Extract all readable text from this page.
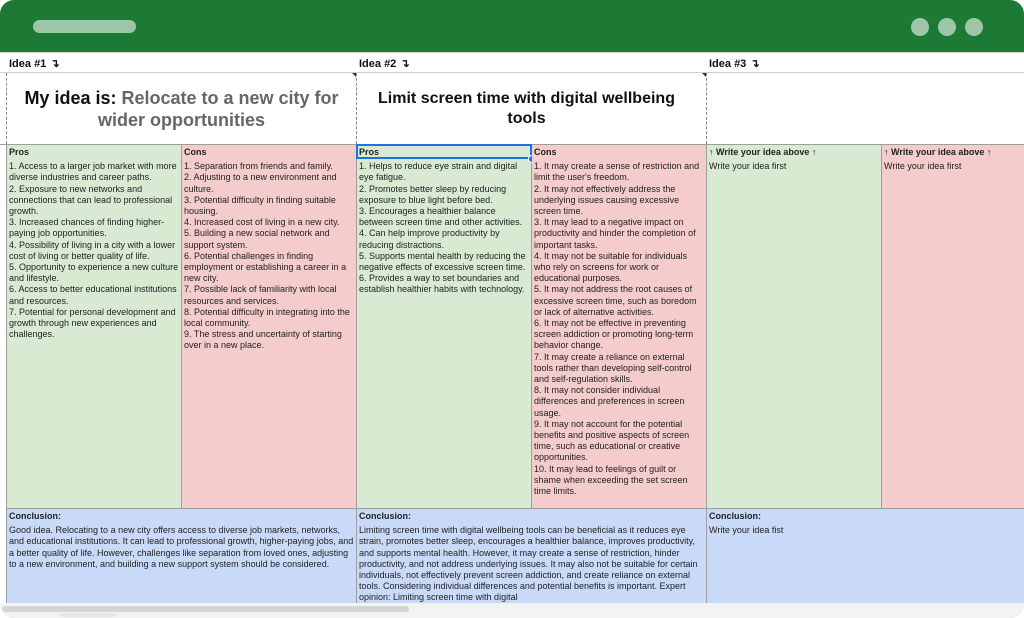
Idea #1 ↴	Idea #2 ↴	Idea #3 ↴
My idea is: Relocate to a new city for wider opportunities
Limit screen time with digital wellbeing tools
Pros
1. Access to a larger job market with more diverse industries and career paths.
2. Exposure to new networks and connections that can lead to professional growth.
3. Increased chances of finding higher-paying job opportunities.
4. Possibility of living in a city with a lower cost of living or better quality of life.
5. Opportunity to experience a new culture and lifestyle.
6. Access to better educational institutions and resources.
7. Potential for personal development and growth through new experiences and challenges.
Cons
1. Separation from friends and family.
2. Adjusting to a new environment and culture.
3. Potential difficulty in finding suitable housing.
4. Increased cost of living in a new city.
5. Building a new social network and support system.
6. Potential challenges in finding employment or establishing a career in a new city.
7. Possible lack of familiarity with local resources and services.
8. Potential difficulty in integrating into the local community.
9. The stress and uncertainty of starting over in a new place.
Pros
1. Helps to reduce eye strain and digital eye fatigue.
2. Promotes better sleep by reducing exposure to blue light before bed.
3. Encourages a healthier balance between screen time and other activities.
4. Can help improve productivity by reducing distractions.
5. Supports mental health by reducing the negative effects of excessive screen time.
6. Provides a way to set boundaries and establish healthier habits with technology.
Cons
1. It may create a sense of restriction and limit the user's freedom.
2. It may not effectively address the underlying issues causing excessive screen time.
3. It may lead to a negative impact on productivity and hinder the completion of important tasks.
4. It may not be suitable for individuals who rely on screens for work or educational purposes.
5. It may not address the root causes of excessive screen time, such as boredom or lack of alternative activities.
6. It may not be effective in preventing screen addiction or promoting long-term behavior change.
7. It may create a reliance on external tools rather than developing self-control and self-regulation skills.
8. It may not consider individual differences and preferences in screen usage.
9. It may not account for the potential benefits and positive aspects of screen time, such as educational or creative opportunities.
10. It may lead to feelings of guilt or shame when exceeding the set screen time limits.
↑ Write your idea above ↑
Write your idea first
↑ Write your idea above ↑
Write your idea first
Conclusion:
Good idea. Relocating to a new city offers access to diverse job markets, networks, and educational institutions. It can lead to professional growth, higher-paying jobs, and a better quality of life. However, challenges like separation from loved ones, adjusting to a new environment, and building a new support system should be considered.
Conclusion:
Limiting screen time with digital wellbeing tools can be beneficial as it reduces eye strain, promotes better sleep, encourages a healthier balance, improves productivity, and supports mental health. However, it may create a sense of restriction, hinder productivity, and not address underlying issues. It may also not be suitable for certain individuals, not effectively prevent screen addiction, and create reliance on external tools. Considering individual differences and potential benefits is important. Expert opinion: Limiting screen time with digital
Conclusion:
Write your idea fist
